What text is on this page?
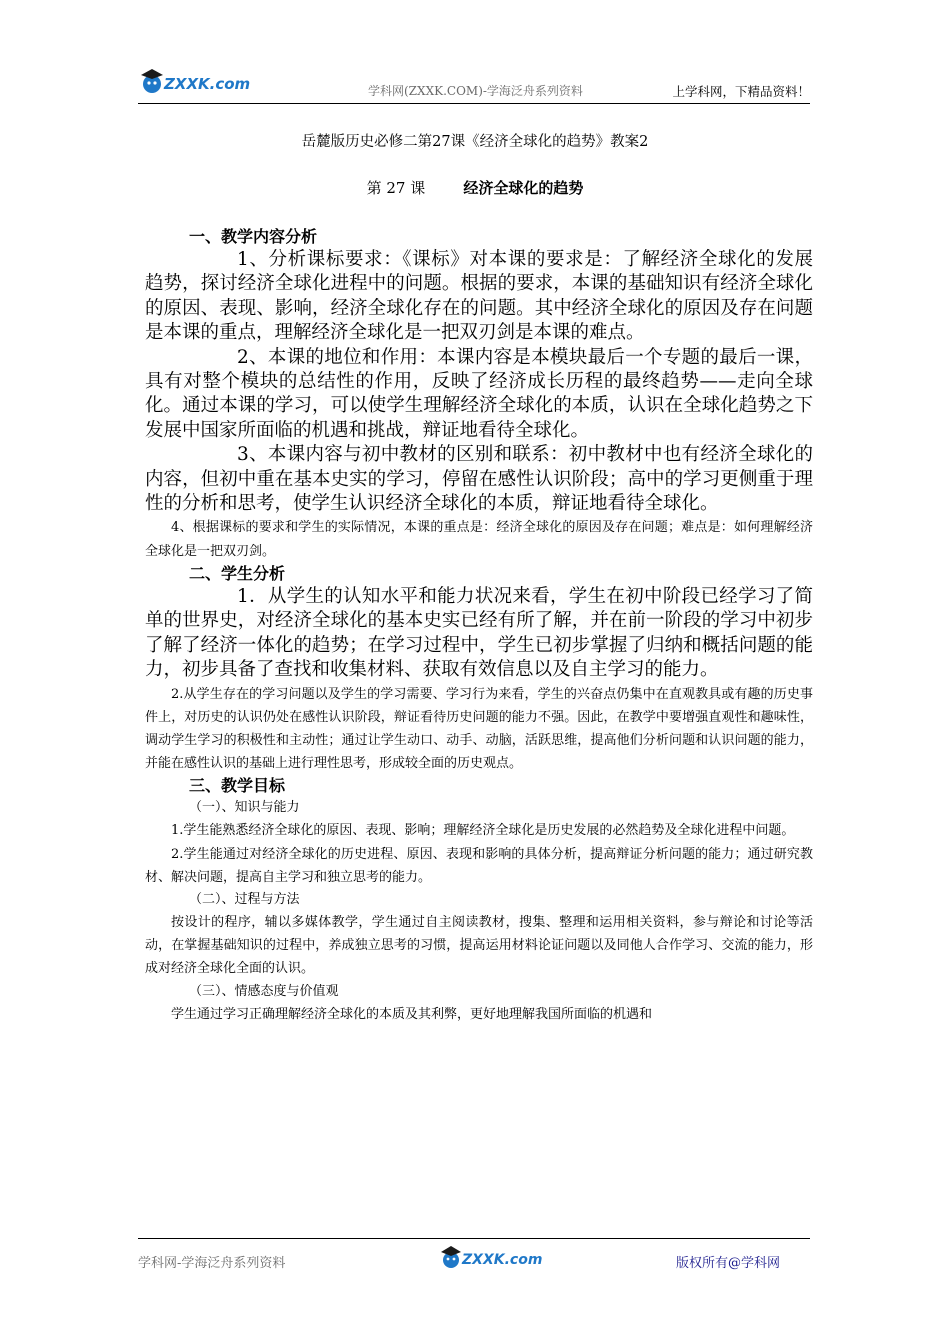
ZXXK.com	学科网(ZXXK.COM)-学海泛舟系列资料	上学科网，下精品资料！
岳麓版历史必修二第27课《经济全球化的趋势》教案2
第 27 课	经济全球化的趋势

一、教学内容分析

1、分析课标要求：《课标》对本课的要求是：了解经济全球化的发展趋势，探讨经济全球化进程中的问题。根据的要求，本课的基础知识有经济全球化的原因、表现、影响，经济全球化存在的问题。其中经济全球化的原因及存在问题是本课的重点，理解经济全球化是一把双刃剑是本课的难点。

2、本课的地位和作用：本课内容是本模块最后一个专题的最后一课，具有对整个模块的总结性的作用，反映了经济成长历程的最终趋势——走向全球化。通过本课的学习，可以使学生理解经济全球化的本质，认识在全球化趋势之下发展中国家所面临的机遇和挑战，辩证地看待全球化。

3、本课内容与初中教材的区别和联系：初中教材中也有经济全球化的内容，但初中重在基本史实的学习，停留在感性认识阶段；高中的学习更侧重于理性的分析和思考，使学生认识经济全球化的本质，辩证地看待全球化。

4、根据课标的要求和学生的实际情况，本课的重点是：经济全球化的原因及存在问题；难点是：如何理解经济全球化是一把双刃剑。

二、学生分析

1．从学生的认知水平和能力状况来看，学生在初中阶段已经学习了简单的世界史，对经济全球化的基本史实已经有所了解，并在前一阶段的学习中初步了解了经济一体化的趋势；在学习过程中，学生已初步掌握了归纳和概括问题的能力，初步具备了查找和收集材料、获取有效信息以及自主学习的能力。

2.从学生存在的学习问题以及学生的学习需要、学习行为来看，学生的兴奋点仍集中在直观教具或有趣的历史事件上，对历史的认识仍处在感性认识阶段，辩证看待历史问题的能力不强。因此，在教学中要增强直观性和趣味性，调动学生学习的积极性和主动性；通过让学生动口、动手、动脑，活跃思维，提高他们分析问题和认识问题的能力，并能在感性认识的基础上进行理性思考，形成较全面的历史观点。

三、教学目标

（一）、知识与能力

1.学生能熟悉经济全球化的原因、表现、影响；理解经济全球化是历史发展的必然趋势及全球化进程中问题。

2.学生能通过对经济全球化的历史进程、原因、表现和影响的具体分析，提高辩证分析问题的能力；通过研究教材、解决问题，提高自主学习和独立思考的能力。

（二）、过程与方法

按设计的程序，辅以多媒体教学，学生通过自主阅读教材，搜集、整理和运用相关资料，参与辩论和讨论等活动，在掌握基础知识的过程中，养成独立思考的习惯，提高运用材料论证问题以及同他人合作学习、交流的能力，形成对经济全球化全面的认识。

（三）、情感态度与价值观

学生通过学习正确理解经济全球化的本质及其利弊，更好地理解我国所面临的机遇和

学科网-学海泛舟系列资料	ZXXK.com	版权所有@学科网
